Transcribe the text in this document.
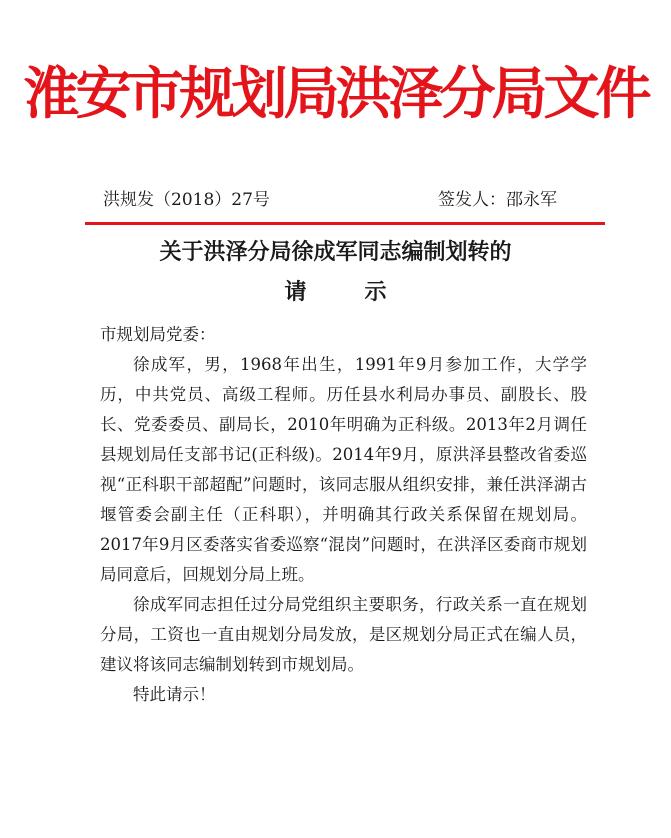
淮安市规划局洪泽分局文件
洪规发（2018）27号	签发人：邵永军
关于洪泽分局徐成军同志编制划转的
请	示

市规划局党委：

徐成军，男，1968年出生，1991年9月参加工作，大学学历，中共党员、高级工程师。历任县水利局办事员、副股长、股长、党委委员、副局长，2010年明确为正科级。2013年2月调任县规划局任支部书记(正科级)。2014年9月，原洪泽县整改省委巡视“正科职干部超配”问题时，该同志服从组织安排，兼任洪泽湖古堰管委会副主任（正科职），并明确其行政关系保留在规划局。2017年9月区委落实省委巡察“混岗”问题时，在洪泽区委商市规划局同意后，回规划分局上班。

徐成军同志担任过分局党组织主要职务，行政关系一直在规划分局，工资也一直由规划分局发放，是区规划分局正式在编人员，建议将该同志编制划转到市规划局。

特此请示！
